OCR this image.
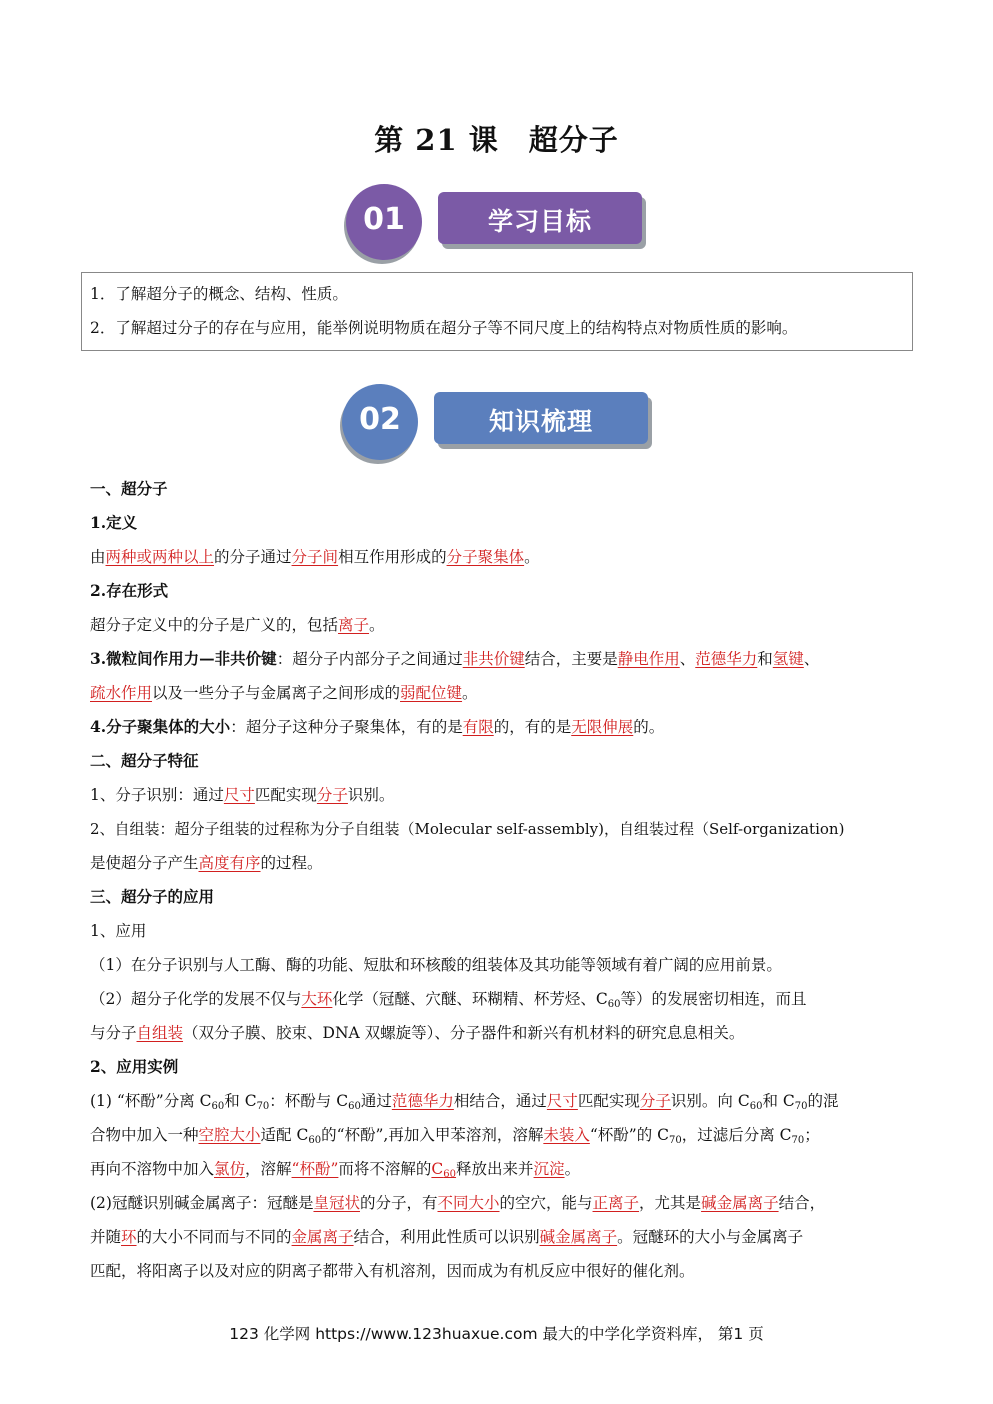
第 21 课 超分子
01	学习目标
1．了解超分子的概念、结构、性质。
2．了解超过分子的存在与应用，能举例说明物质在超分子等不同尺度上的结构特点对物质性质的影响。
02	知识梳理
一、超分子
1.定义
由两种或两种以上的分子通过分子间相互作用形成的分子聚集体。
2.存在形式
超分子定义中的分子是广义的，包括离子。
3.微粒间作用力—非共价键：超分子内部分子之间通过非共价键结合，主要是静电作用、范德华力和氢键、
疏水作用以及一些分子与金属离子之间形成的弱配位键。
4.分子聚集体的大小：超分子这种分子聚集体，有的是有限的，有的是无限伸展的。
二、超分子特征
1、分子识别：通过尺寸匹配实现分子识别。
2、自组装：超分子组装的过程称为分子自组装（Molecular self-assembly)，自组装过程（Self-organization)
是使超分子产生高度有序的过程。
三、超分子的应用
1、应用
（1）在分子识别与人工酶、酶的功能、短肽和环核酸的组装体及其功能等领域有着广阔的应用前景。
（2）超分子化学的发展不仅与大环化学（冠醚、穴醚、环糊精、杯芳烃、$C_{60}$等）的发展密切相连，而且
与分子自组装（双分子膜、胶束、DNA 双螺旋等）、分子器件和新兴有机材料的研究息息相关。
2、应用实例
(1) “杯酚”分离 $C_{60}$和 $C_{70}$：杯酚与 $C_{60}$通过范德华力相结合，通过尺寸匹配实现分子识别。向 $C_{60}$和 $C_{70}$的混
合物中加入一种空腔大小适配 $C_{60}$的“杯酚”,再加入甲苯溶剂，溶解未装入“杯酚”的 $C_{70}$，过滤后分离 $C_{70}$；
再向不溶物中加入氯仿，溶解“杯酚”而将不溶解的$C_{60}$释放出来并沉淀。
(2)冠醚识别碱金属离子：冠醚是皇冠状的分子，有不同大小的空穴，能与正离子，尤其是碱金属离子结合，
并随环的大小不同而与不同的金属离子结合，利用此性质可以识别碱金属离子。冠醚环的大小与金属离子
匹配，将阳离子以及对应的阴离子都带入有机溶剂，因而成为有机反应中很好的催化剂。
123 化学网 https://www.123huaxue.com 最大的中学化学资料库， 第1 页
